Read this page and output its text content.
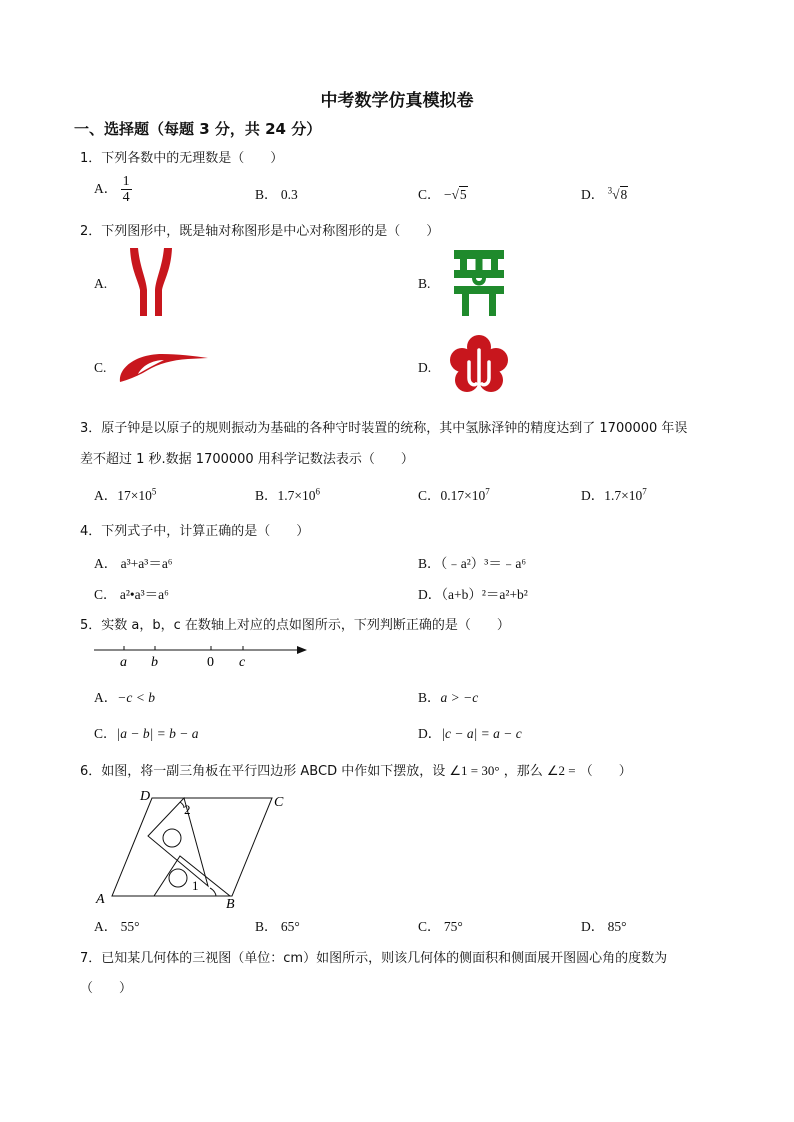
中考数学仿真模拟卷
一、选择题（每题 3 分，共 24 分）
1．下列各数中的无理数是（　　）
A． $\frac{1}{4}$	B． 0.3	C． −√5	D． $^3$√8
2．下列图形中，既是轴对称图形是中心对称图形的是（　　）
A.	B.
C.	D.
3．原子钟是以原子的规则振动为基础的各种守时装置的统称，其中氢脉泽钟的精度达到了 1700000 年误
差不超过 1 秒.数据 1700000 用科学记数法表示（　　）
A．$17\times 10^5$	B．$1.7\times 10^6$	C．$0.17\times 10^7$	D．$1.7\times 10^7$
4．下列式子中，计算正确的是（　　）
A． a³+a³＝a⁶	B．（﹣a²）³＝﹣a⁶
C． a²•a³＝a⁶	D．（a+b）²＝a²+b²
5．实数 a，b，c 在数轴上对应的点如图所示，下列判断正确的是（　　）
a b	0 c
A．−c < b	B．a > −c
C．|a − b| = b − a	D．|c − a| = a − c
6．如图，将一副三角板在平行四边形 ABCD 中作如下摆放，设 ∠1 = 30° ，那么 ∠2 = （　　）
A	B
C
D
1
2
A． 55°	B． 65°	C． 75°	D． 85°
7．已知某几何体的三视图（单位：cm）如图所示，则该几何体的侧面积和侧面展开图圆心角的度数为
（　　）
